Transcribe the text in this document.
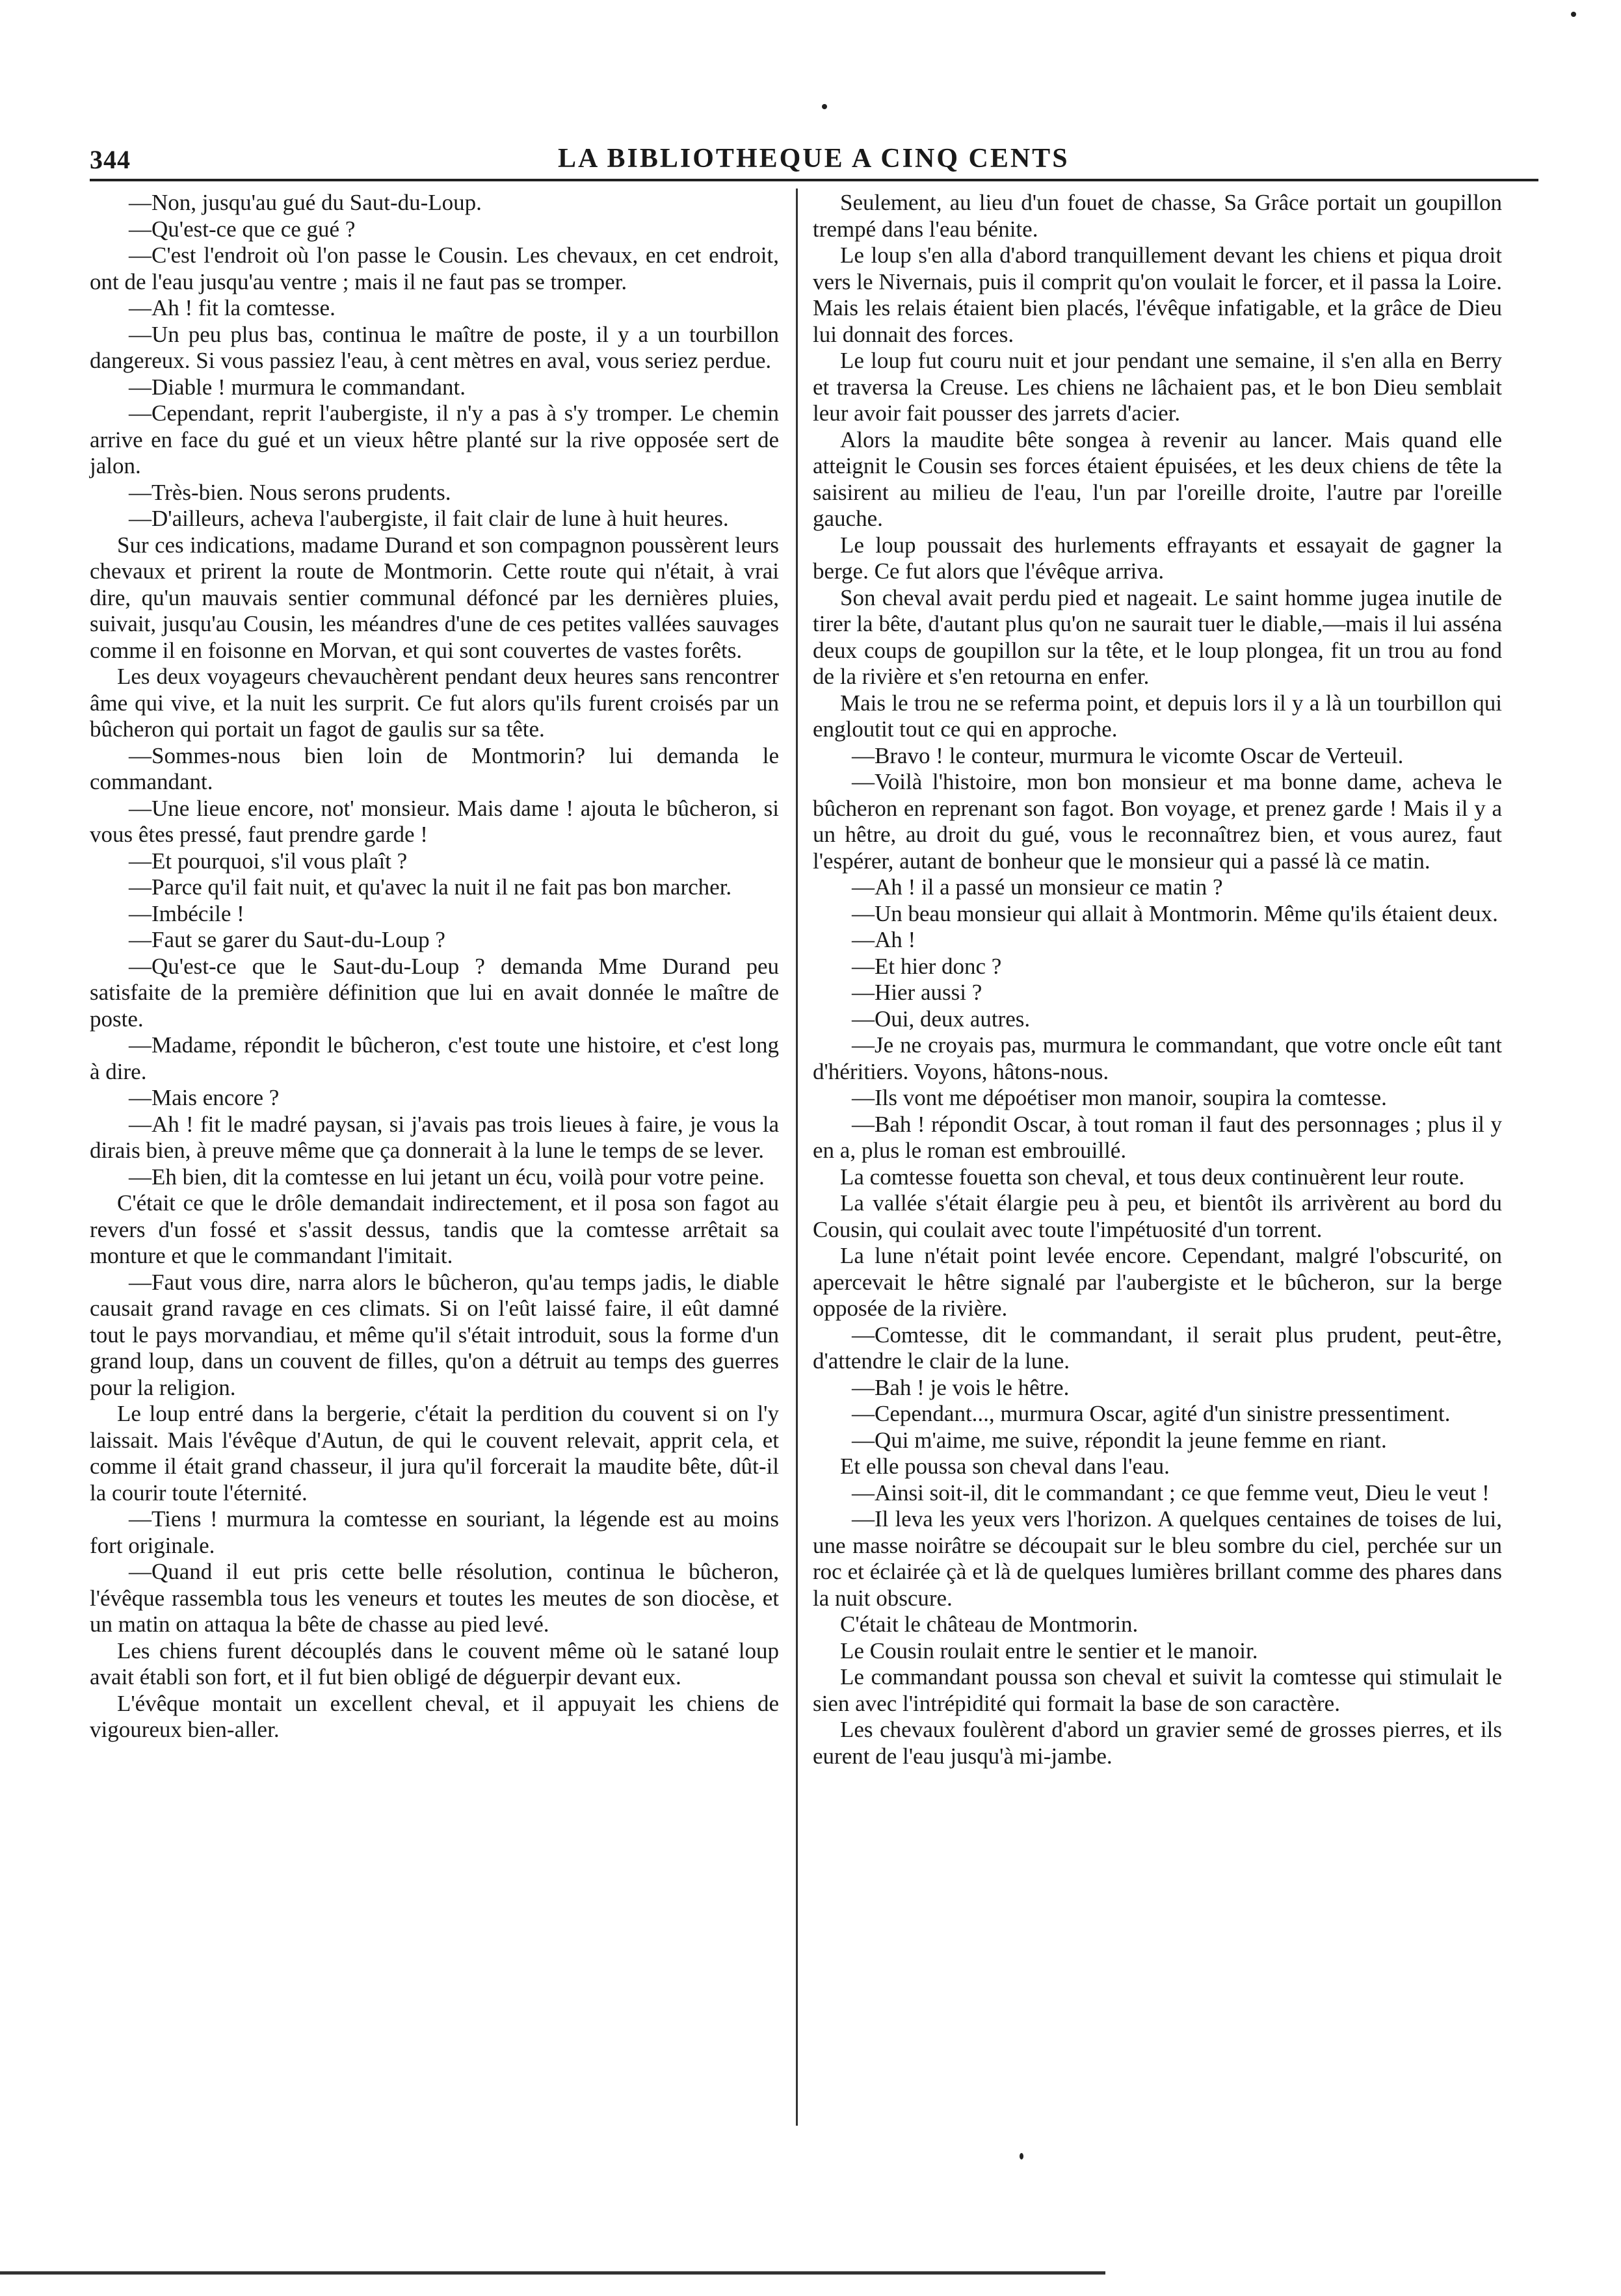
344	LA BIBLIOTHEQUE A CINQ CENTS

—Non, jusqu'au gué du Saut-du-Loup.

—Qu'est-ce que ce gué ?

—C'est l'endroit où l'on passe le Cousin. Les chevaux, en cet endroit, ont de l'eau jusqu'au ventre ; mais il ne faut pas se tromper.

—Ah ! fit la comtesse.

—Un peu plus bas, continua le maître de poste, il y a un tourbillon dangereux. Si vous passiez l'eau, à cent mètres en aval, vous seriez perdue.

—Diable ! murmura le commandant.

—Cependant, reprit l'aubergiste, il n'y a pas à s'y tromper. Le chemin arrive en face du gué et un vieux hêtre planté sur la rive opposée sert de jalon.

—Très-bien. Nous serons prudents.

—D'ailleurs, acheva l'aubergiste, il fait clair de lune à huit heures.

Sur ces indications, madame Durand et son compagnon poussèrent leurs chevaux et prirent la route de Montmorin. Cette route qui n'était, à vrai dire, qu'un mauvais sentier communal défoncé par les dernières pluies, suivait, jusqu'au Cousin, les méandres d'une de ces petites vallées sauvages comme il en foisonne en Morvan, et qui sont couvertes de vastes forêts.

Les deux voyageurs chevauchèrent pendant deux heures sans rencontrer âme qui vive, et la nuit les surprit. Ce fut alors qu'ils furent croisés par un bûcheron qui portait un fagot de gaulis sur sa tête.

—Sommes-nous bien loin de Montmorin? lui demanda le commandant.

—Une lieue encore, not' monsieur. Mais dame ! ajouta le bûcheron, si vous êtes pressé, faut prendre garde !

—Et pourquoi, s'il vous plaît ?

—Parce qu'il fait nuit, et qu'avec la nuit il ne fait pas bon marcher.

—Imbécile !

—Faut se garer du Saut-du-Loup ?

—Qu'est-ce que le Saut-du-Loup ? demanda Mme Durand peu satisfaite de la première définition que lui en avait donnée le maître de poste.

—Madame, répondit le bûcheron, c'est toute une histoire, et c'est long à dire.

—Mais encore ?

—Ah ! fit le madré paysan, si j'avais pas trois lieues à faire, je vous la dirais bien, à preuve même que ça donnerait à la lune le temps de se lever.

—Eh bien, dit la comtesse en lui jetant un écu, voilà pour votre peine.

C'était ce que le drôle demandait indirectement, et il posa son fagot au revers d'un fossé et s'assit dessus, tandis que la comtesse arrêtait sa monture et que le commandant l'imitait.

—Faut vous dire, narra alors le bûcheron, qu'au temps jadis, le diable causait grand ravage en ces climats. Si on l'eût laissé faire, il eût damné tout le pays morvandiau, et même qu'il s'était introduit, sous la forme d'un grand loup, dans un couvent de filles, qu'on a détruit au temps des guerres pour la religion.

Le loup entré dans la bergerie, c'était la perdition du couvent si on l'y laissait. Mais l'évêque d'Autun, de qui le couvent relevait, apprit cela, et comme il était grand chasseur, il jura qu'il forcerait la maudite bête, dût-il la courir toute l'éternité.

—Tiens ! murmura la comtesse en souriant, la légende est au moins fort originale.

—Quand il eut pris cette belle résolution, continua le bûcheron, l'évêque rassembla tous les veneurs et toutes les meutes de son diocèse, et un matin on attaqua la bête de chasse au pied levé.

Les chiens furent découplés dans le couvent même où le satané loup avait établi son fort, et il fut bien obligé de déguerpir devant eux.

L'évêque montait un excellent cheval, et il appuyait les chiens de vigoureux bien-aller.

Seulement, au lieu d'un fouet de chasse, Sa Grâce portait un goupillon trempé dans l'eau bénite.

Le loup s'en alla d'abord tranquillement devant les chiens et piqua droit vers le Nivernais, puis il comprit qu'on voulait le forcer, et il passa la Loire. Mais les relais étaient bien placés, l'évêque infatigable, et la grâce de Dieu lui donnait des forces.

Le loup fut couru nuit et jour pendant une semaine, il s'en alla en Berry et traversa la Creuse. Les chiens ne lâchaient pas, et le bon Dieu semblait leur avoir fait pousser des jarrets d'acier.

Alors la maudite bête songea à revenir au lancer. Mais quand elle atteignit le Cousin ses forces étaient épuisées, et les deux chiens de tête la saisirent au milieu de l'eau, l'un par l'oreille droite, l'autre par l'oreille gauche.

Le loup poussait des hurlements effrayants et essayait de gagner la berge. Ce fut alors que l'évêque arriva.

Son cheval avait perdu pied et nageait. Le saint homme jugea inutile de tirer la bête, d'autant plus qu'on ne saurait tuer le diable,—mais il lui asséna deux coups de goupillon sur la tête, et le loup plongea, fit un trou au fond de la rivière et s'en retourna en enfer.

Mais le trou ne se referma point, et depuis lors il y a là un tourbillon qui engloutit tout ce qui en approche.

—Bravo ! le conteur, murmura le vicomte Oscar de Verteuil.

—Voilà l'histoire, mon bon monsieur et ma bonne dame, acheva le bûcheron en reprenant son fagot. Bon voyage, et prenez garde ! Mais il y a un hêtre, au droit du gué, vous le reconnaîtrez bien, et vous aurez, faut l'espérer, autant de bonheur que le monsieur qui a passé là ce matin.

—Ah ! il a passé un monsieur ce matin ?

—Un beau monsieur qui allait à Montmorin. Même qu'ils étaient deux.

—Ah !

—Et hier donc ?

—Hier aussi ?

—Oui, deux autres.

—Je ne croyais pas, murmura le commandant, que votre oncle eût tant d'héritiers. Voyons, hâtons-nous.

—Ils vont me dépoétiser mon manoir, soupira la comtesse.

—Bah ! répondit Oscar, à tout roman il faut des personnages ; plus il y en a, plus le roman est embrouillé.

La comtesse fouetta son cheval, et tous deux continuèrent leur route.

La vallée s'était élargie peu à peu, et bientôt ils arrivèrent au bord du Cousin, qui coulait avec toute l'impétuosité d'un torrent.

La lune n'était point levée encore. Cependant, malgré l'obscurité, on apercevait le hêtre signalé par l'aubergiste et le bûcheron, sur la berge opposée de la rivière.

—Comtesse, dit le commandant, il serait plus prudent, peut-être, d'attendre le clair de la lune.

—Bah ! je vois le hêtre.

—Cependant..., murmura Oscar, agité d'un sinistre pressentiment.

—Qui m'aime, me suive, répondit la jeune femme en riant.

Et elle poussa son cheval dans l'eau.

—Ainsi soit-il, dit le commandant ; ce que femme veut, Dieu le veut !

—Il leva les yeux vers l'horizon. A quelques centaines de toises de lui, une masse noirâtre se découpait sur le bleu sombre du ciel, perchée sur un roc et éclairée çà et là de quelques lumières brillant comme des phares dans la nuit obscure.

C'était le château de Montmorin.

Le Cousin roulait entre le sentier et le manoir.

Le commandant poussa son cheval et suivit la comtesse qui stimulait le sien avec l'intrépidité qui formait la base de son caractère.

Les chevaux foulèrent d'abord un gravier semé de grosses pierres, et ils eurent de l'eau jusqu'à mi-jambe.
